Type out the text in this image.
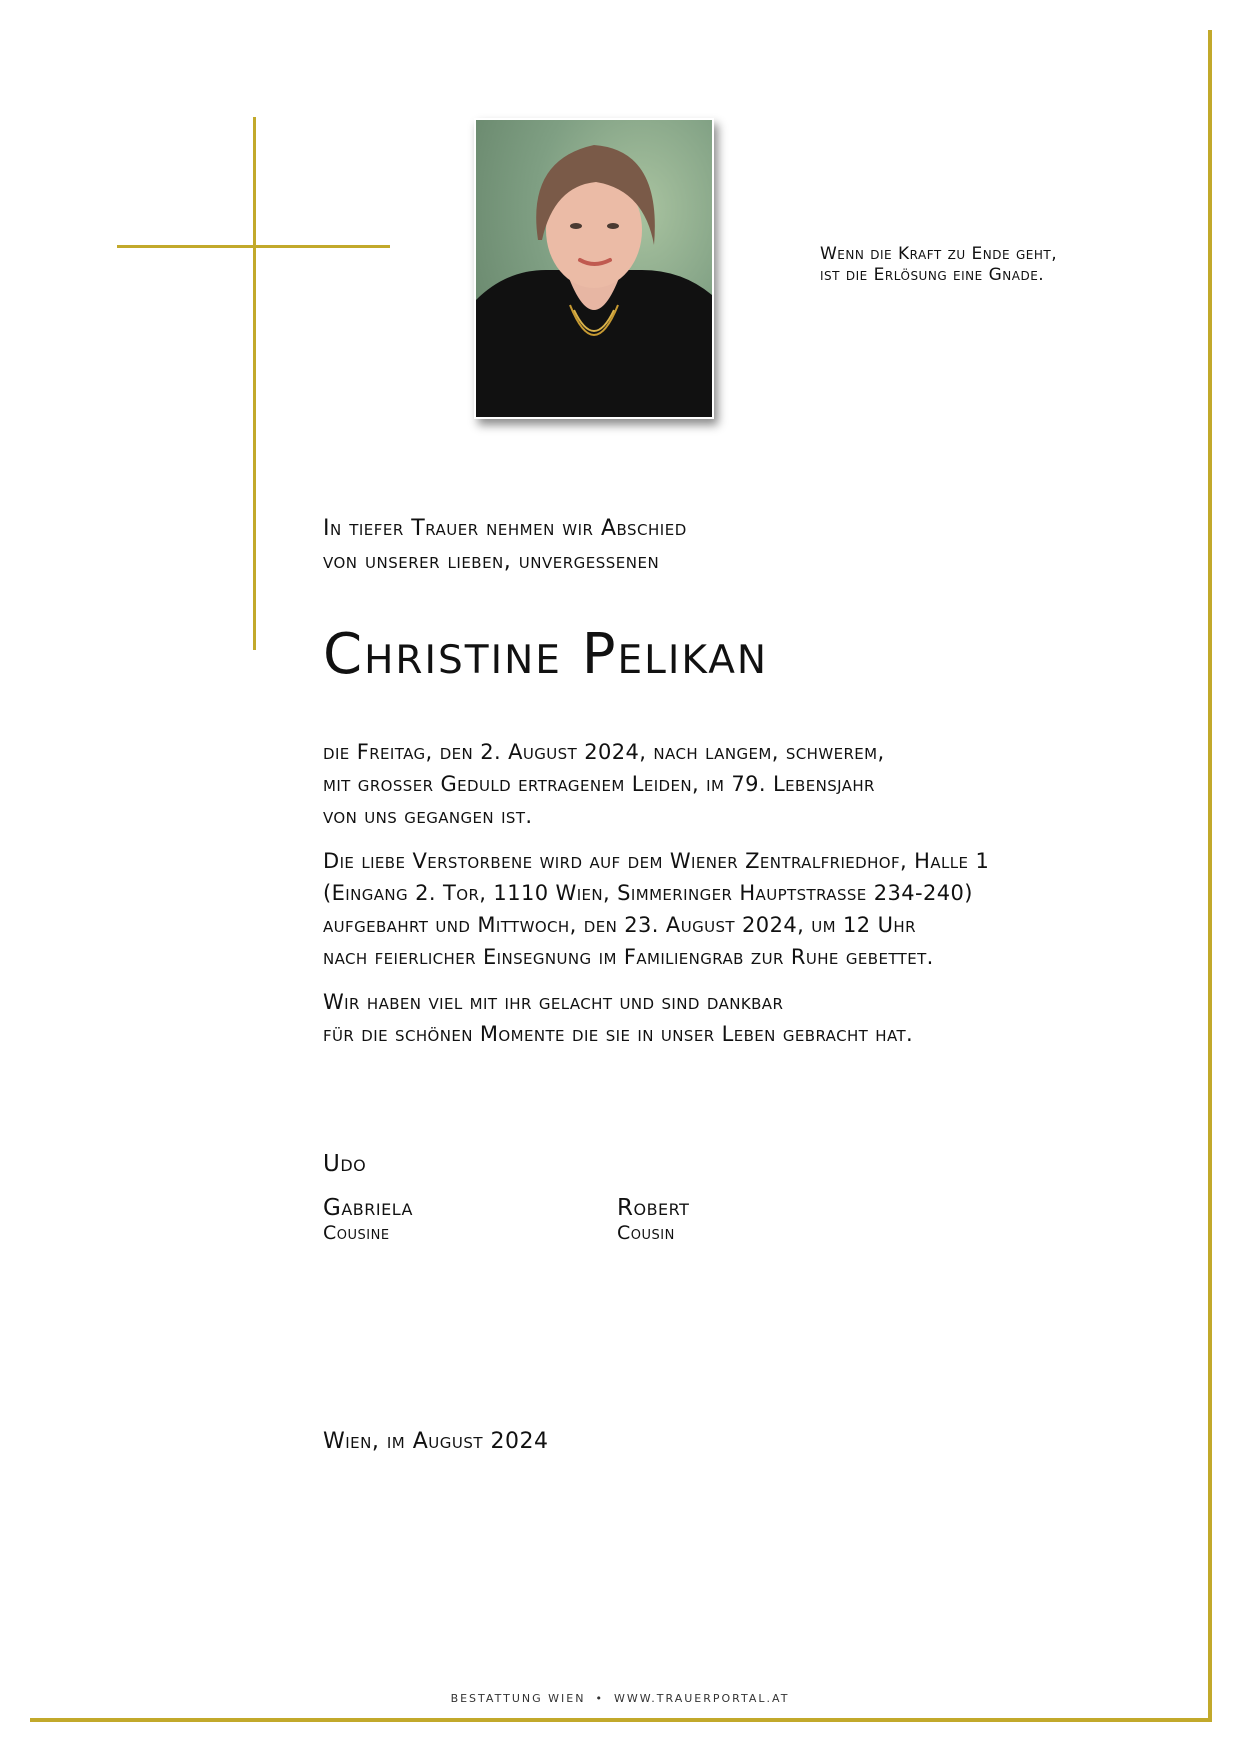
Wenn die Kraft zu Ende geht,
ist die Erlösung eine Gnade.
In tiefer Trauer nehmen wir Abschied
von unserer lieben, unvergessenen
Christine Pelikan

die Freitag, den 2. August 2024, nach langem, schwerem,
mit grosser Geduld ertragenem Leiden, im 79. Lebensjahr
von uns gegangen ist.

Die liebe Verstorbene wird auf dem Wiener Zentralfriedhof, Halle 1
(Eingang 2. Tor, 1110 Wien, Simmeringer Hauptstrasse 234-240)
aufgebahrt und Mittwoch, den 23. August 2024, um 12 Uhr
nach feierlicher Einsegnung im Familiengrab zur Ruhe gebettet.

Wir haben viel mit ihr gelacht und sind dankbar
für die schönen Momente die sie in unser Leben gebracht hat.

Udo
Gabriela
Cousine
Robert
Cousin
Wien, im August 2024
BESTATTUNG WIEN • WWW.TRAUERPORTAL.AT
